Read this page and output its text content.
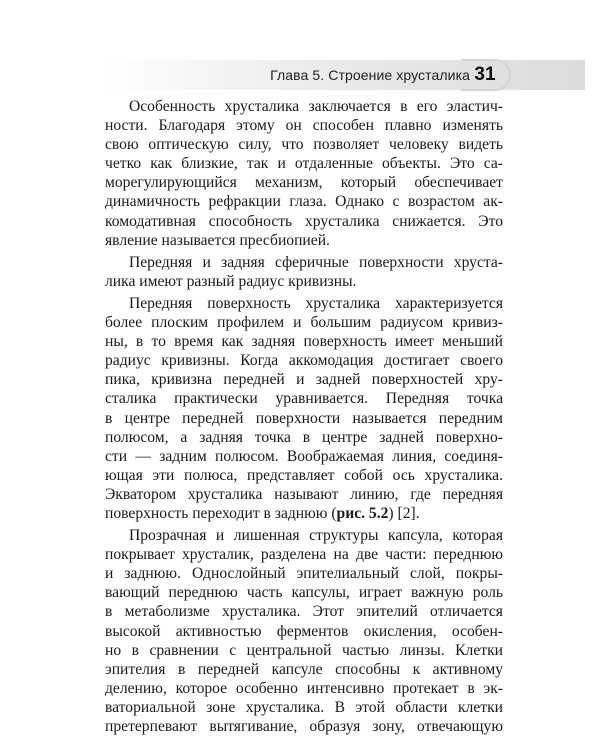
Глава 5. Строение хрусталика 31

Особенность хрусталика заключается в его эластич-
ности. Благодаря этому он способен плавно изменять
свою оптическую силу, что позволяет человеку видеть
четко как близкие, так и отдаленные объекты. Это са-
морегулирующийся механизм, который обеспечивает
динамичность рефракции глаза. Однако с возрастом ак-
комодативная способность хрусталика снижается. Это
явление называется пресбиопией.

Передняя и задняя сферичные поверхности хруста-
лика имеют разный радиус кривизны.

Передняя поверхность хрусталика характеризуется
более плоским профилем и большим радиусом кривиз-
ны, в то время как задняя поверхность имеет меньший
радиус кривизны. Когда аккомодация достигает своего
пика, кривизна передней и задней поверхностей хру-
сталика практически уравнивается. Передняя точка
в центре передней поверхности называется передним
полюсом, а задняя точка в центре задней поверхно-
сти — задним полюсом. Воображаемая линия, соединя-
ющая эти полюса, представляет собой ось хрусталика.
Экватором хрусталика называют линию, где передняя
поверхность переходит в заднюю (рис. 5.2) [2].

Прозрачная и лишенная структуры капсула, которая
покрывает хрусталик, разделена на две части: переднюю
и заднюю. Однослойный эпителиальный слой, покры-
вающий переднюю часть капсулы, играет важную роль
в метаболизме хрусталика. Этот эпителий отличается
высокой активностью ферментов окисления, особен-
но в сравнении с центральной частью линзы. Клетки
эпителия в передней капсуле способны к активному
делению, которое особенно интенсивно протекает в эк-
ваториальной зоне хрусталика. В этой области клетки
претерпевают вытягивание, образуя зону, отвечающую
